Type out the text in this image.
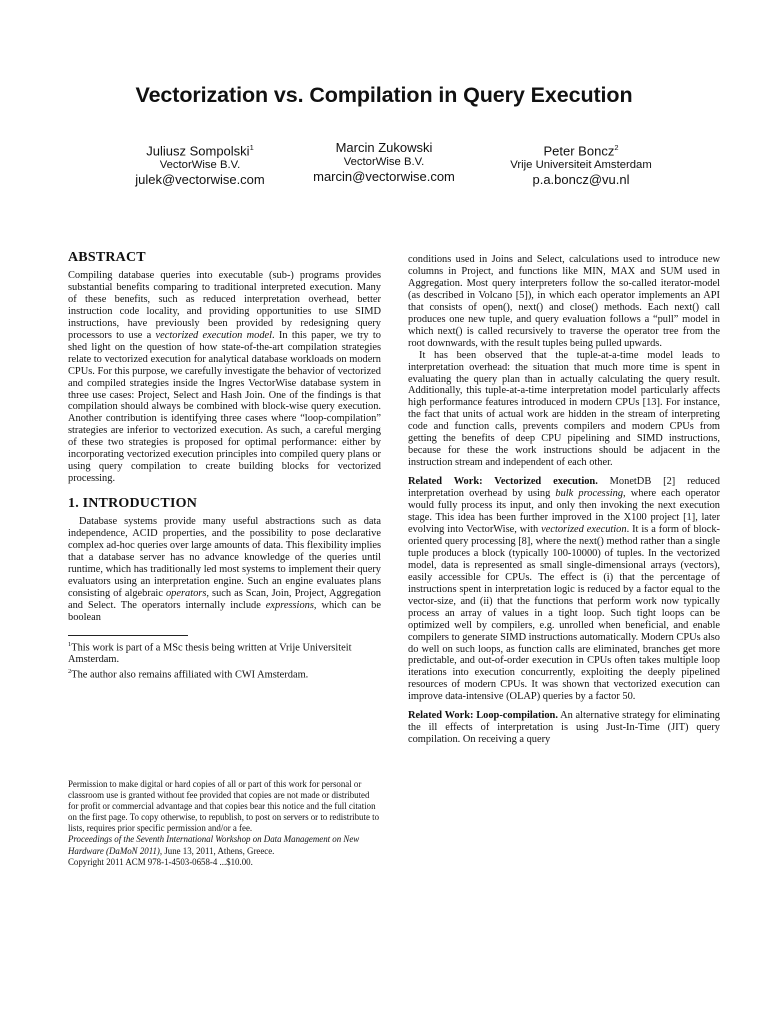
Vectorization vs. Compilation in Query Execution
Juliusz Sompolski$^1$
VectorWise B.V.
julek@vectorwise.com
Marcin Zukowski
VectorWise B.V.
marcin@vectorwise.com
Peter Boncz$^2$
Vrije Universiteit Amsterdam
p.a.boncz@vu.nl
ABSTRACT

Compiling database queries into executable (sub-) programs provides substantial benefits comparing to traditional interpreted execution. Many of these benefits, such as reduced interpretation overhead, better instruction code locality, and providing opportunities to use SIMD instructions, have previously been provided by redesigning query processors to use a vectorized execution model. In this paper, we try to shed light on the question of how state-of-the-art compilation strategies relate to vectorized execution for analytical database workloads on modern CPUs. For this purpose, we carefully investigate the behavior of vectorized and compiled strategies inside the Ingres VectorWise database system in three use cases: Project, Select and Hash Join. One of the findings is that compilation should always be combined with block-wise query execution. Another contribution is identifying three cases where “loop-compilation” strategies are inferior to vectorized execution. As such, a careful merging of these two strategies is proposed for optimal performance: either by incorporating vectorized execution principles into compiled query plans or using query compilation to create building blocks for vectorized processing.

1. INTRODUCTION

Database systems provide many useful abstractions such as data independence, ACID properties, and the possibility to pose declarative complex ad-hoc queries over large amounts of data. This flexibility implies that a database server has no advance knowledge of the queries until runtime, which has traditionally led most systems to implement their query evaluators using an interpretation engine. Such an engine evaluates plans consisting of algebraic operators, such as Scan, Join, Project, Aggregation and Select. The operators internally include expressions, which can be boolean

$^1$This work is part of a MSc thesis being written at Vrije Universiteit Amsterdam.
$^2$The author also remains affiliated with CWI Amsterdam.

Permission to make digital or hard copies of all or part of this work for personal or classroom use is granted without fee provided that copies are not made or distributed for profit or commercial advantage and that copies bear this notice and the full citation on the first page. To copy otherwise, to republish, to post on servers or to redistribute to lists, requires prior specific permission and/or a fee.

Proceedings of the Seventh International Workshop on Data Management on New Hardware (DaMoN 2011), June 13, 2011, Athens, Greece.

Copyright 2011 ACM 978-1-4503-0658-4 ...$10.00.

conditions used in Joins and Select, calculations used to introduce new columns in Project, and functions like MIN, MAX and SUM used in Aggregation. Most query interpreters follow the so-called iterator-model (as described in Volcano [5]), in which each operator implements an API that consists of open(), next() and close() methods. Each next() call produces one new tuple, and query evaluation follows a “pull” model in which next() is called recursively to traverse the operator tree from the root downwards, with the result tuples being pulled upwards.

It has been observed that the tuple-at-a-time model leads to interpretation overhead: the situation that much more time is spent in evaluating the query plan than in actually calculating the query result. Additionally, this tuple-at-a-time interpretation model particularly affects high performance features introduced in modern CPUs [13]. For instance, the fact that units of actual work are hidden in the stream of interpreting code and function calls, prevents compilers and modern CPUs from getting the benefits of deep CPU pipelining and SIMD instructions, because for these the work instructions should be adjacent in the instruction stream and independent of each other.

Related Work: Vectorized execution. MonetDB [2] reduced interpretation overhead by using bulk processing, where each operator would fully process its input, and only then invoking the next execution stage. This idea has been further improved in the X100 project [1], later evolving into VectorWise, with vectorized execution. It is a form of block-oriented query processing [8], where the next() method rather than a single tuple produces a block (typically 100-10000) of tuples. In the vectorized model, data is represented as small single-dimensional arrays (vectors), easily accessible for CPUs. The effect is (i) that the percentage of instructions spent in interpretation logic is reduced by a factor equal to the vector-size, and (ii) that the functions that perform work now typically process an array of values in a tight loop. Such tight loops can be optimized well by compilers, e.g. unrolled when beneficial, and enable compilers to generate SIMD instructions automatically. Modern CPUs also do well on such loops, as function calls are eliminated, branches get more predictable, and out-of-order execution in CPUs often takes multiple loop iterations into execution concurrently, exploiting the deeply pipelined resources of modern CPUs. It was shown that vectorized execution can improve data-intensive (OLAP) queries by a factor 50.

Related Work: Loop-compilation. An alternative strategy for eliminating the ill effects of interpretation is using Just-In-Time (JIT) query compilation. On receiving a query
